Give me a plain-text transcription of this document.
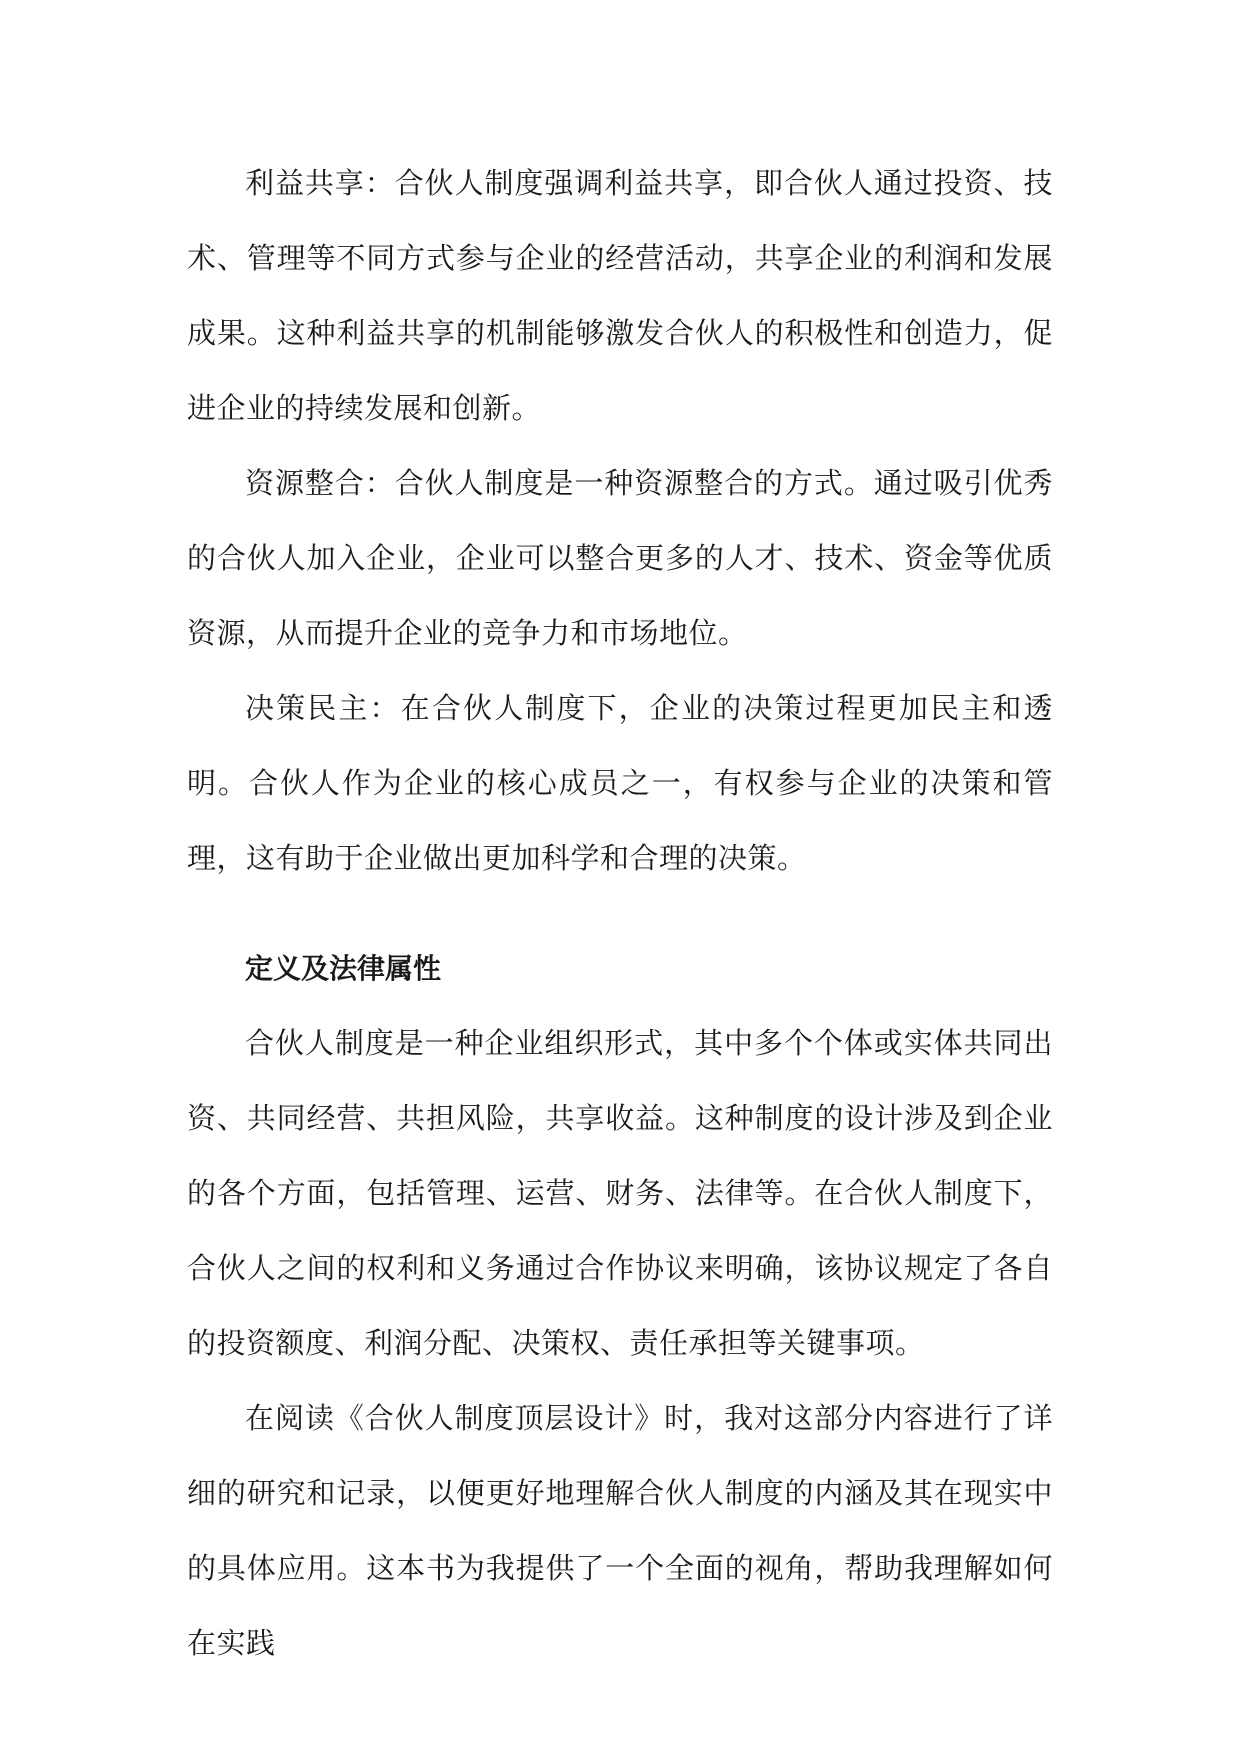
利益共享：合伙人制度强调利益共享，即合伙人通过投资、技术、管理等不同方式参与企业的经营活动，共享企业的利润和发展成果。这种利益共享的机制能够激发合伙人的积极性和创造力，促进企业的持续发展和创新。

资源整合：合伙人制度是一种资源整合的方式。通过吸引优秀的合伙人加入企业，企业可以整合更多的人才、技术、资金等优质资源，从而提升企业的竞争力和市场地位。

决策民主：在合伙人制度下，企业的决策过程更加民主和透明。合伙人作为企业的核心成员之一，有权参与企业的决策和管理，这有助于企业做出更加科学和合理的决策。

定义及法律属性

合伙人制度是一种企业组织形式，其中多个个体或实体共同出资、共同经营、共担风险，共享收益。这种制度的设计涉及到企业的各个方面，包括管理、运营、财务、法律等。在合伙人制度下，合伙人之间的权利和义务通过合作协议来明确，该协议规定了各自的投资额度、利润分配、决策权、责任承担等关键事项。

在阅读《合伙人制度顶层设计》时，我对这部分内容进行了详细的研究和记录，以便更好地理解合伙人制度的内涵及其在现实中的具体应用。这本书为我提供了一个全面的视角，帮助我理解如何在实践
